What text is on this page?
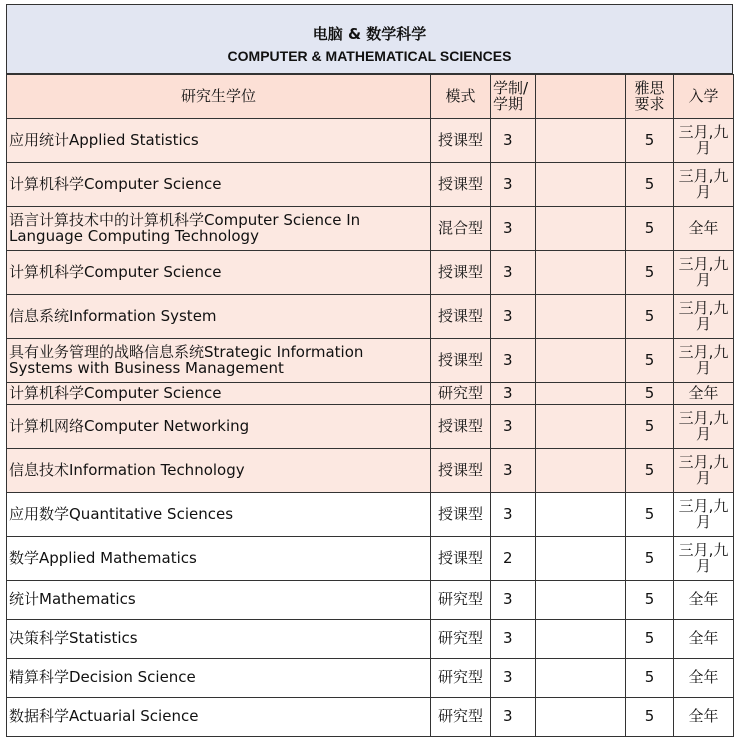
电脑 & 数学科学
COMPUTER & MATHEMATICAL SCIENCES
研究生学位	模式	学制/学期		雅思要求	入学
应用统计Applied Statistics	授课型	3		5	三月,九月
计算机科学Computer Science	授课型	3		5	三月,九月
语言计算技术中的计算机科学Computer Science In Language Computing Technology	混合型	3		5	全年
计算机科学Computer Science	授课型	3		5	三月,九月
信息系统Information System	授课型	3		5	三月,九月
具有业务管理的战略信息系统Strategic Information Systems with Business Management	授课型	3		5	三月,九月
计算机科学Computer Science	研究型	3		5	全年
计算机网络Computer Networking	授课型	3		5	三月,九月
信息技术Information Technology	授课型	3		5	三月,九月
应用数学Quantitative Sciences	授课型	3		5	三月,九月
数学Applied Mathematics	授课型	2		5	三月,九月
统计Mathematics	研究型	3		5	全年
决策科学Statistics	研究型	3		5	全年
精算科学Decision Science	研究型	3		5	全年
数据科学Actuarial Science	研究型	3		5	全年
